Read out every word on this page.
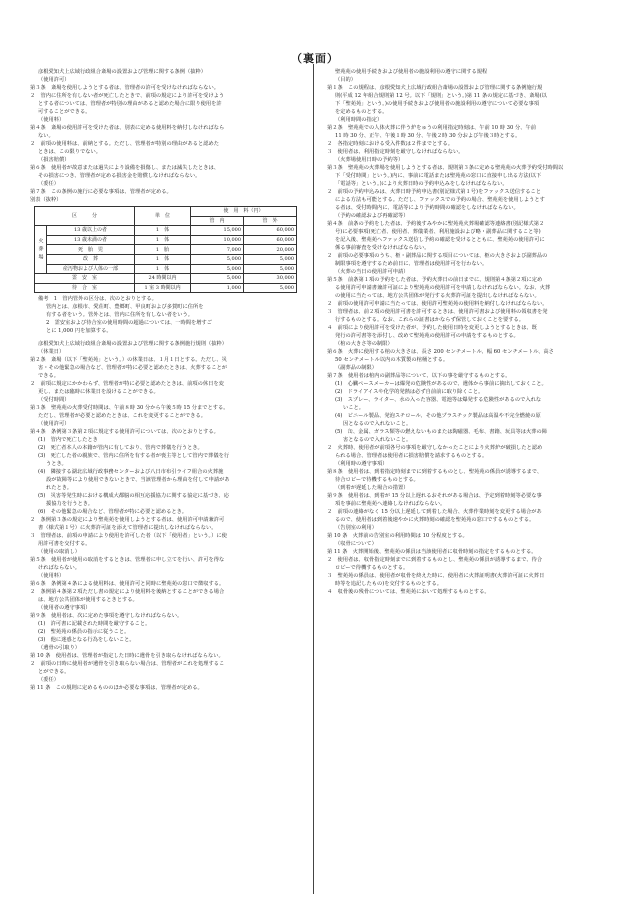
（裏面）
彦根愛知犬上広域行政組合斎場の設置および管理に関する条例（抜粋）
（使用許可）
第３条　斎場を使用しようとする者は、管理者の許可を受けなければならない。
２　管内に住所を有しない者が死亡したときで、前項の規定により許可を受けよう
とする者については、管理者が特別の理由があると認めた場合に限り使用を許
可することができる。
（使用料）
第４条　斎場の使用許可を受けた者は、別表に定める使用料を納付しなければなら
ない。
２　前項の使用料は、前納とする。ただし、管理者が特別の理由があると認めた
ときは、この限りでない。
（損害賠償）
第６条　使用者が故意または過失により設備を損傷し、または滅失したときは、
その損害につき、管理者が定める損害金を賠償しなければならない。
（委任）
第７条　この条例の施行に必要な事項は、管理者が定める。
別表（抜粋）
区　　　分		単　位	使　用　料（円）	
			管　内	管　外
火葬場	13 歳以上の者	1　体	15,000	60,000
	13 歳未満の者	1　体	10,000	60,000
	死　胎　児	1　胎	7,000	20,000
	改　葬	1　体	5,000	5,000
	産汚物および人体の一部	1　体	5,000	5,000
霊　安　室		24 時間以内	5,000	30,000
待　合　室		1 室 3 時間以内	1,000	5,000
備考　1　管内管外の区分は、次のとおりとする。
管内とは、彦根市、愛荘町、豊郷町、甲良町および多賀町に住所を
有する者をいう。管外とは、管内に住所を有しない者をいう。
2　霊安室および待合室の使用時間の超過については、一時間を増すご
とに 1,000 円を加算する。
彦根愛知犬上広域行政組合斎場の設置および管理に関する条例施行規則（抜粋）
（休業日）
第２条　斎場（以下「聖苑苑」という。）の休業日は、１月１日とする。ただし、災
害・その他緊急の場合など、管理者が特に必要と認めたときは、火葬することが
できる。
２　前項に規定にかかわらず、管理者が特に必要と認めたときは、前項の休日を変
更し、または臨時に休業日を設けることができる。
（受付時間）
第３条　聖苑苑の火葬受付時間は、午前８時 30 分から午後５時 15 分までとする。
ただし、管理者が必要と認めたときは、これを変更することができる。
（使用許可）
第４条　条例第３条第２項に規定する使用許可については、次のとおりとする。
(1)　管内で死亡したとき
(2)　死亡者本人の本籍が管内に有しており、管内で葬儀を行うとき。
(3)　死亡した者の親族で、管内に住所を有する者が喪主等として管内で葬儀を行
うとき。
(4)　隣接する湖北広域行政事務センターおよび八日市布引ライフ組合の火葬施
設が故障等により使用できないときで、当該管理者から理由を付して申請があ
れたとき。
(5)　災害等発生時における構成大都脳の相互応援協力に関する協定に基づき、応
援協力を行うとき。
(6)　その他緊急の場合など、管理者が特に必要と認めるとき。
２　条例第３条の規定により聖苑苑を使用しようとする者は、使用許可申請兼許可
書（様式第１号）に火葬許可証を添えて管理者に提出しなければならない。
３　管理者は、前項の申請により使用を許可した者（以下「使用者」という。）に使
用許可書を交付する。
（使用の取消し）
第５条　使用者が使用の取消をするときは、管理者に申し立てを行い、許可を得な
ければならない。
（使用料）
第６条　条例第４条による使用料は、使用許可と同時に聖苑苑の窓口で徴収する。
２　条例第４条第２項ただし書の規定により使用料を後納とすることができる場合
は、地方公共団体が使用するときとする。
（使用者の遵守事項）
第９条　使用者は、次に定めた事項を遵守しなければならない。
(1)　許可書に記載された時間を厳守すること。
(2)　聖苑苑の係員の指示に従うこと。
(3)　他に迷惑となる行為をしないこと。
（遺骨の引取り）
第 10 条　使用者は、管理者が指定した日時に遺骨を引き取らなければならない。
２　前項の日時に使用者が遺骨を引き取らない場合は、管理者がこれを処理するこ
とができる。
（委任）
第 11 条　この規則に定めるもののほか必要な事項は、管理者が定める。
聖苑苑の使用手続きおよび使用者の施設利用の遵守に関する規程
（目的）
第１条　この規程は、彦根愛知犬上広域行政組合斎場の設置および管理に関する条例施行規
則(平成 12 年組合規則第 12 号。以下「規則」という。)第 11 条の規定に基づき、斎場(以
下「聖苑苑」という。)の使用手続きおよび使用者の施設利用の遵守について必要な事項
を定めるものとする。
（利用時間の指定）
第２条　聖苑苑での人体火葬に伴う炉をゅうの利用指定時刻は、午前 10 時 30 分、午前
11 時 30 分、正午、午後１時 30 分、午後２時 30 分および午後３時とする。
２　各指定時刻における受入件数は２件までとする。
３　使用者は、利用指定時刻を厳守しなければならない。
（火葬場使用日時の予約等）
第３条　聖苑苑の火葬場を使用しようとする者は、規則第３条に定める聖苑苑の火葬予約受付時間以
下「受付時間」という。)内に、事前に電話または聖苑苑の窓口に直接申し出る方法(以下
「電話等」という。)により火葬日時の予約申込みをしなければならない。
２　前項の予約申込みは、火葬日時予約申込書(別記様式第１号)をファックス送信すること
による方法も可能とする。ただし、ファックスでの予約の場合、聖苑苑を使用しようとす
る者は、受付時間内に、電話等により予約時間の確認をしなければならない。
（予約の確認および再確認等）
第４条　前条の予約をした者は、予約後すみやかに聖苑苑火葬場確認等連絡書(別記様式第２
号)に必要事項(死亡者、使用者、葬儀業者、利用施設および略・副葬品に関すること等)
を記入後、聖苑苑へファックス送信し予約の確認を受けるとともに、聖苑苑の使用許可に
係る事前審査を受けなければならない。
２　前項の必要事項のうち、柩・副葬品に関する項目については、柩の大きさおよび副葬品の
制限事項を遵守するため前日に、管理者は使用許可を行わない。
（火葬の当日の使用許可申請）
第５条　前条第１項の予約をした者は、予約火葬日の前日までに、規則第４条第２項に定め
る使用許可申請書兼許可証により聖苑苑の使用許可を申請しなければならない。なお、火葬
の使用に当たっては、地方公共団体が発行する火葬許可証を提出しなければならない。
２　前項の使用許可申請に当たっては、使用許可聖苑苑の使用料を納付しなければならない。
３　管理者は、前２項の使用許可書を許可するときは、使用許可書および使用料の領収書を発
行するものとする。なお、これらの証書はかならず保管しておくことを要する。
４　前項により使用許可を受けた者が、予約した使用日時を変更しようとするときは、既
発行の許可書等を添付し、改めて聖苑苑の使用許可の申請をするものとする。
（棺の大きさ等の制限）
第６条　火葬に使用する棺の大きさは、長さ 200 センチメートル、幅 60 センチメートル、高さ
50 センチメートル以内の木質製の棺桶とする。
（副葬品の制限）
第７条　使用者は棺内の副葬品等について、以下の事を厳守するものとする。
(1)　心臓ペースメーカーは爆発の危険性があるので、遺体から事前に摘出しておくこと。
(2)　ドライアイスや化学的発熱は必ず自前前に取り除くこと。
(3)　スプレー、ライター、水の入った容器、電池等は爆発する危険性があるので入れな
いこと。
(4)　ビニール製品、発泡スチロール、その他プラスチック製品は高温や不完全燃焼の原
因となるので入れないこと。
(5)　缶、金属、ガラス類等の燃えないものまたは陶磁器、毛布、書籍、玩具等は火葬の障
害となるので入れないこと。
２　火葬時、使用者が前項各号の事項を厳守しなかったことにより火葬炉が破損したと認め
られる場合、管理者は使用者に損害賠償を請求するものとする。
（利用時の遵守事項）
第８条　使用者は、到着指定時刻までに到着するものとし、聖苑苑の係員が誘導するまで、
待合ロビーで待機するものとする。
（到着が遅延した場合の措置）
第９条　使用者は、到着が 15 分以上遅れるおそれがある場合は、予定到着時刻等必要な事
項を事前に聖苑苑へ連絡しなければならない。
２　前項の連絡がなく 15 分以上遅延して到着した場合、火葬作業時刻を変更する場合があ
るので、使用者は到着後速やかに火葬時刻の確認を聖苑苑の窓口でするものとする。
（告別室の利用）
第 10 条　火葬前の告別室の利用時間は 10 分程度とする。
（収骨について）
第 11 条　火葬開始後、聖苑苑の係員は当該使用者に収骨時刻の指定をするものとする。
２　使用者は、収骨指定時刻までに到着するものとし、聖苑苑の係員が誘導するまで、待合
ロビーで待機するものとする。
３　聖苑苑の係員は、使用者が収骨を終えた時に、使用者に火葬証明書(火葬許可証に火葬日
時等を追記したもの)を交付するものとする。
４　収骨後の残骨については、聖苑苑において処理するものとする。
